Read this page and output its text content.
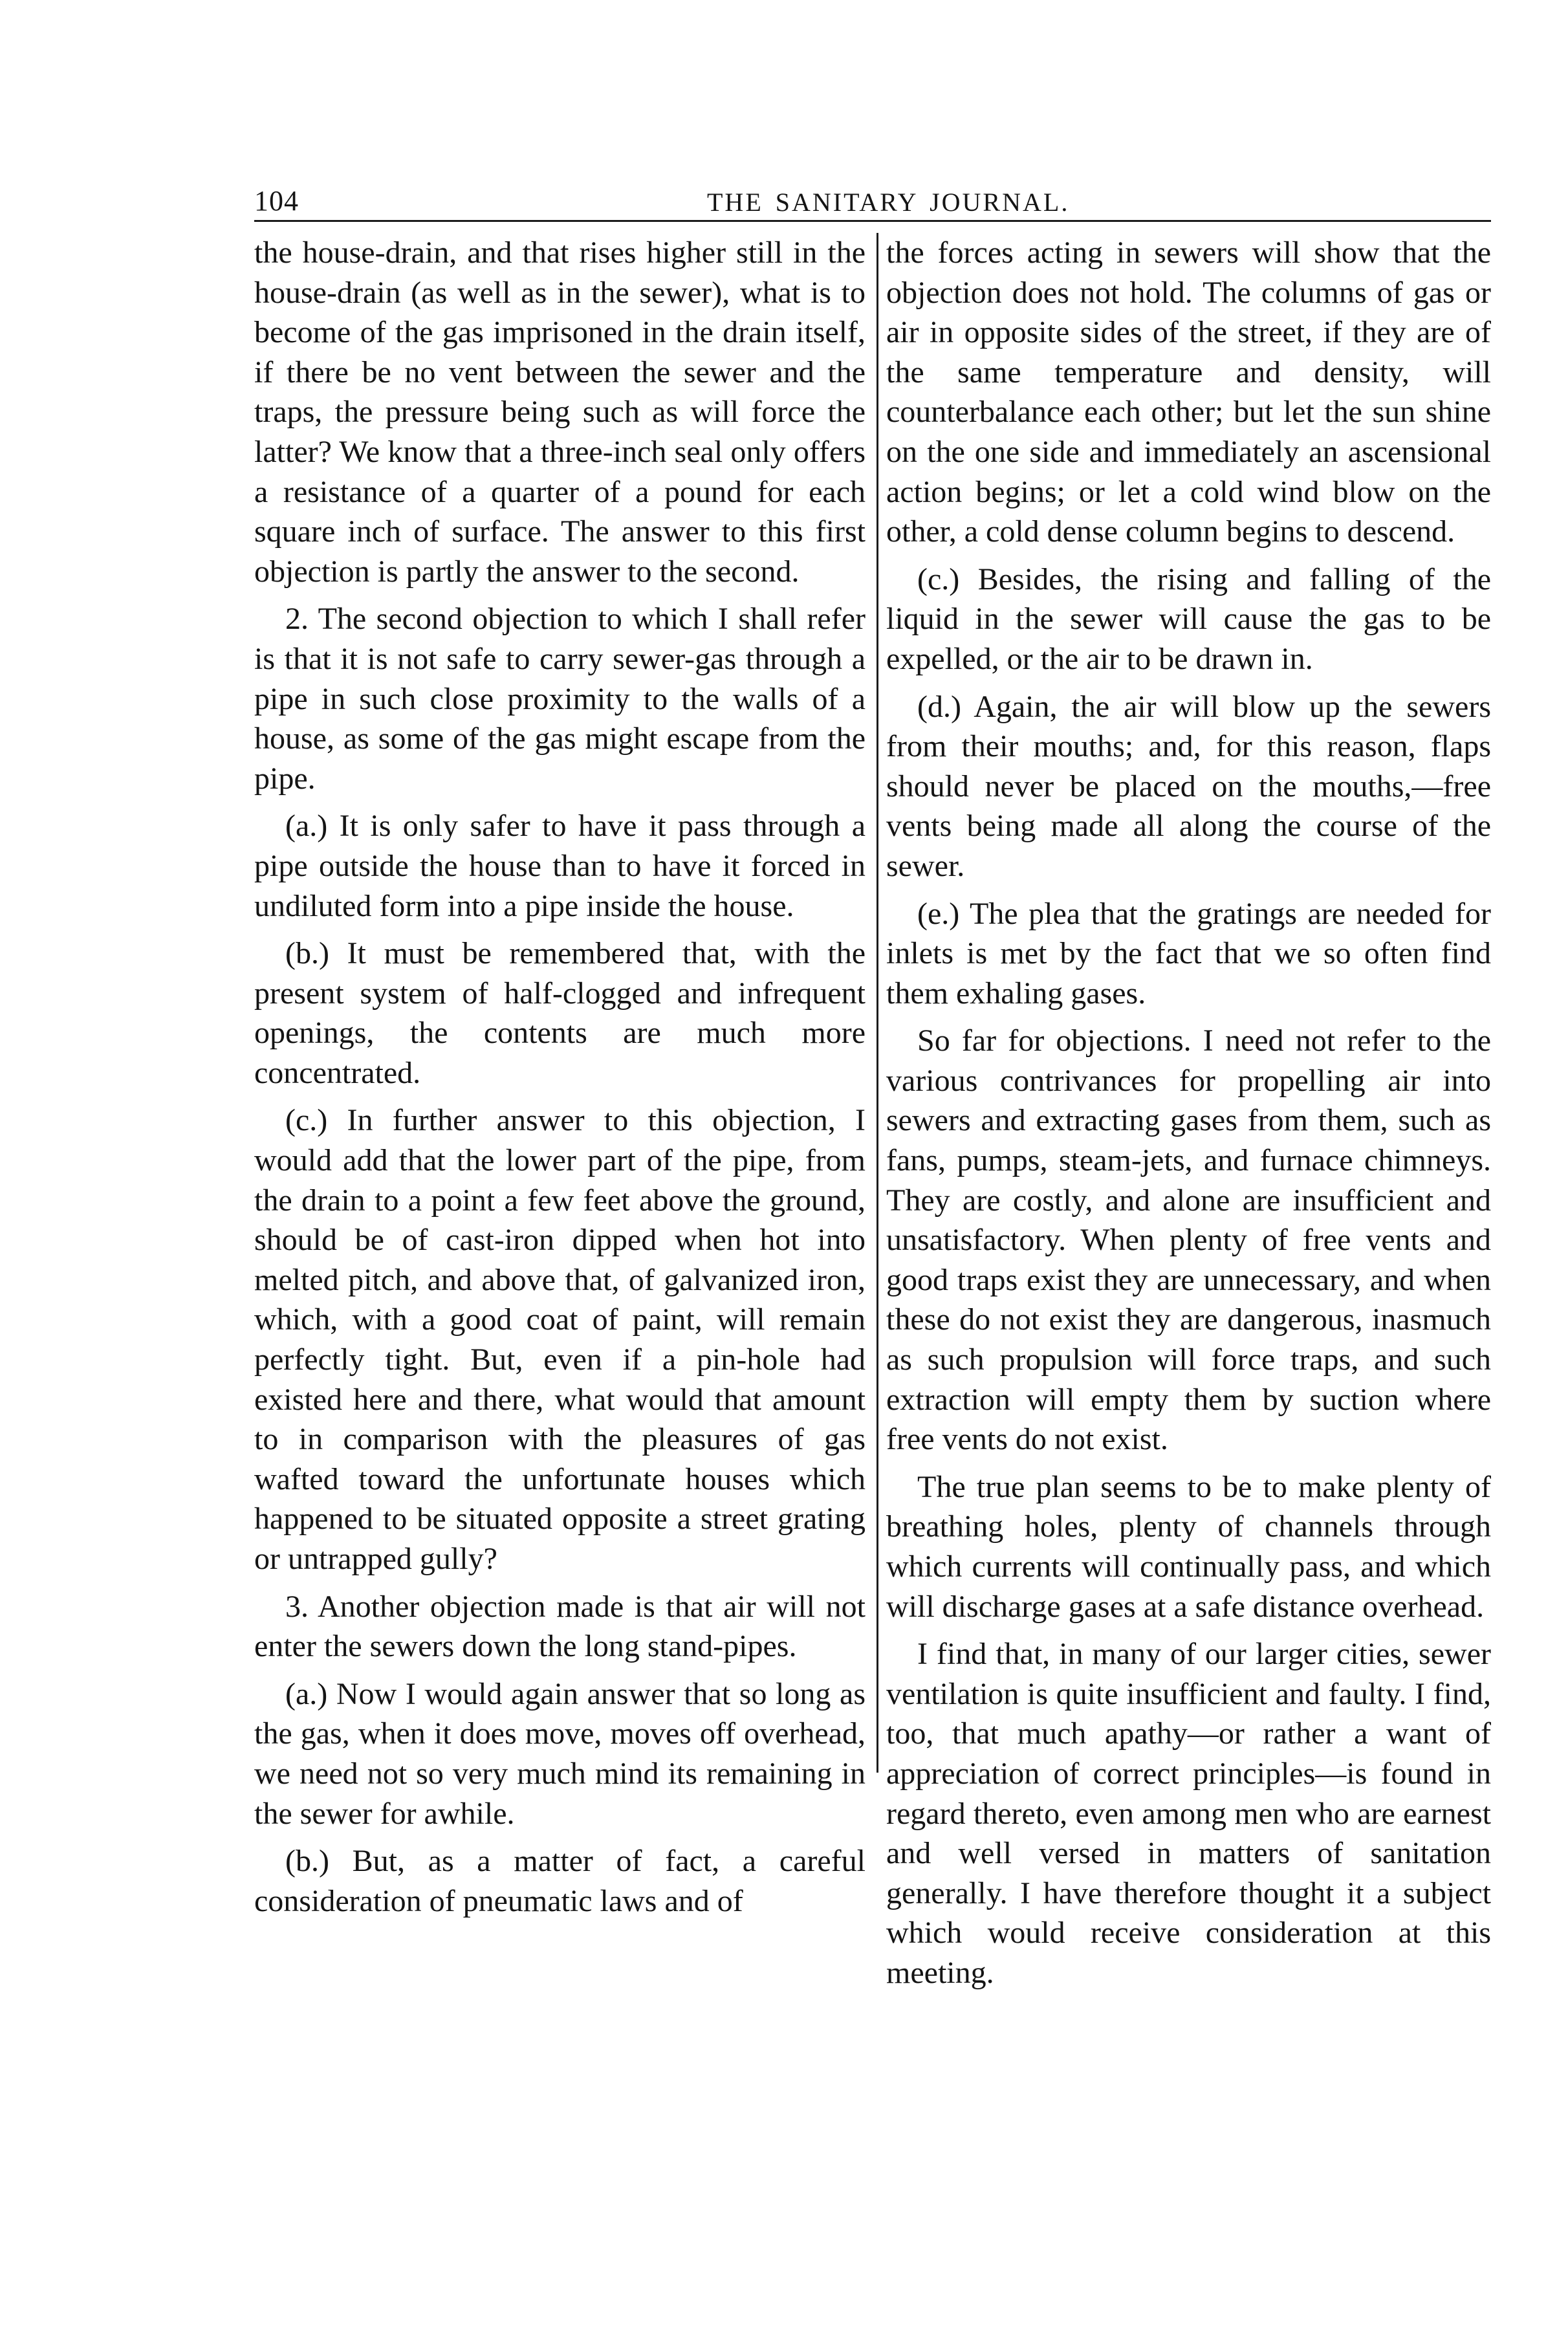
104	THE SANITARY JOURNAL.

the house-drain, and that rises higher still in the house-drain (as well as in the sewer), what is to become of the gas imprisoned in the drain itself, if there be no vent between the sewer and the traps, the pressure being such as will force the latter? We know that a three-inch seal only offers a resistance of a quarter of a pound for each square inch of surface. The answer to this first objection is partly the answer to the second.

2. The second objection to which I shall refer is that it is not safe to carry sewer-gas through a pipe in such close proximity to the walls of a house, as some of the gas might escape from the pipe.

(a.) It is only safer to have it pass through a pipe outside the house than to have it forced in undiluted form into a pipe inside the house.

(b.) It must be remembered that, with the present system of half-clogged and infrequent openings, the contents are much more concentrated.

(c.) In further answer to this objection, I would add that the lower part of the pipe, from the drain to a point a few feet above the ground, should be of cast-iron dipped when hot into melted pitch, and above that, of galvanized iron, which, with a good coat of paint, will remain perfectly tight. But, even if a pin-hole had existed here and there, what would that amount to in comparison with the pleasures of gas wafted toward the unfortunate houses which happened to be situated opposite a street grating or untrapped gully?

3. Another objection made is that air will not enter the sewers down the long stand-pipes.

(a.) Now I would again answer that so long as the gas, when it does move, moves off overhead, we need not so very much mind its remaining in the sewer for awhile.

(b.) But, as a matter of fact, a careful consideration of pneumatic laws and of

the forces acting in sewers will show that the objection does not hold. The columns of gas or air in opposite sides of the street, if they are of the same temperature and density, will counterbalance each other; but let the sun shine on the one side and immediately an ascensional action begins; or let a cold wind blow on the other, a cold dense column begins to descend.

(c.) Besides, the rising and falling of the liquid in the sewer will cause the gas to be expelled, or the air to be drawn in.

(d.) Again, the air will blow up the sewers from their mouths; and, for this reason, flaps should never be placed on the mouths,—free vents being made all along the course of the sewer.

(e.) The plea that the gratings are needed for inlets is met by the fact that we so often find them exhaling gases.

So far for objections. I need not refer to the various contrivances for propelling air into sewers and extracting gases from them, such as fans, pumps, steam-jets, and furnace chimneys. They are costly, and alone are insufficient and unsatisfactory. When plenty of free vents and good traps exist they are unnecessary, and when these do not exist they are dangerous, inasmuch as such propulsion will force traps, and such extraction will empty them by suction where free vents do not exist.

The true plan seems to be to make plenty of breathing holes, plenty of channels through which currents will continually pass, and which will discharge gases at a safe distance overhead.

I find that, in many of our larger cities, sewer ventilation is quite insufficient and faulty. I find, too, that much apathy—or rather a want of appreciation of correct principles—is found in regard thereto, even among men who are earnest and well versed in matters of sanitation generally. I have therefore thought it a subject which would receive consideration at this meeting.
